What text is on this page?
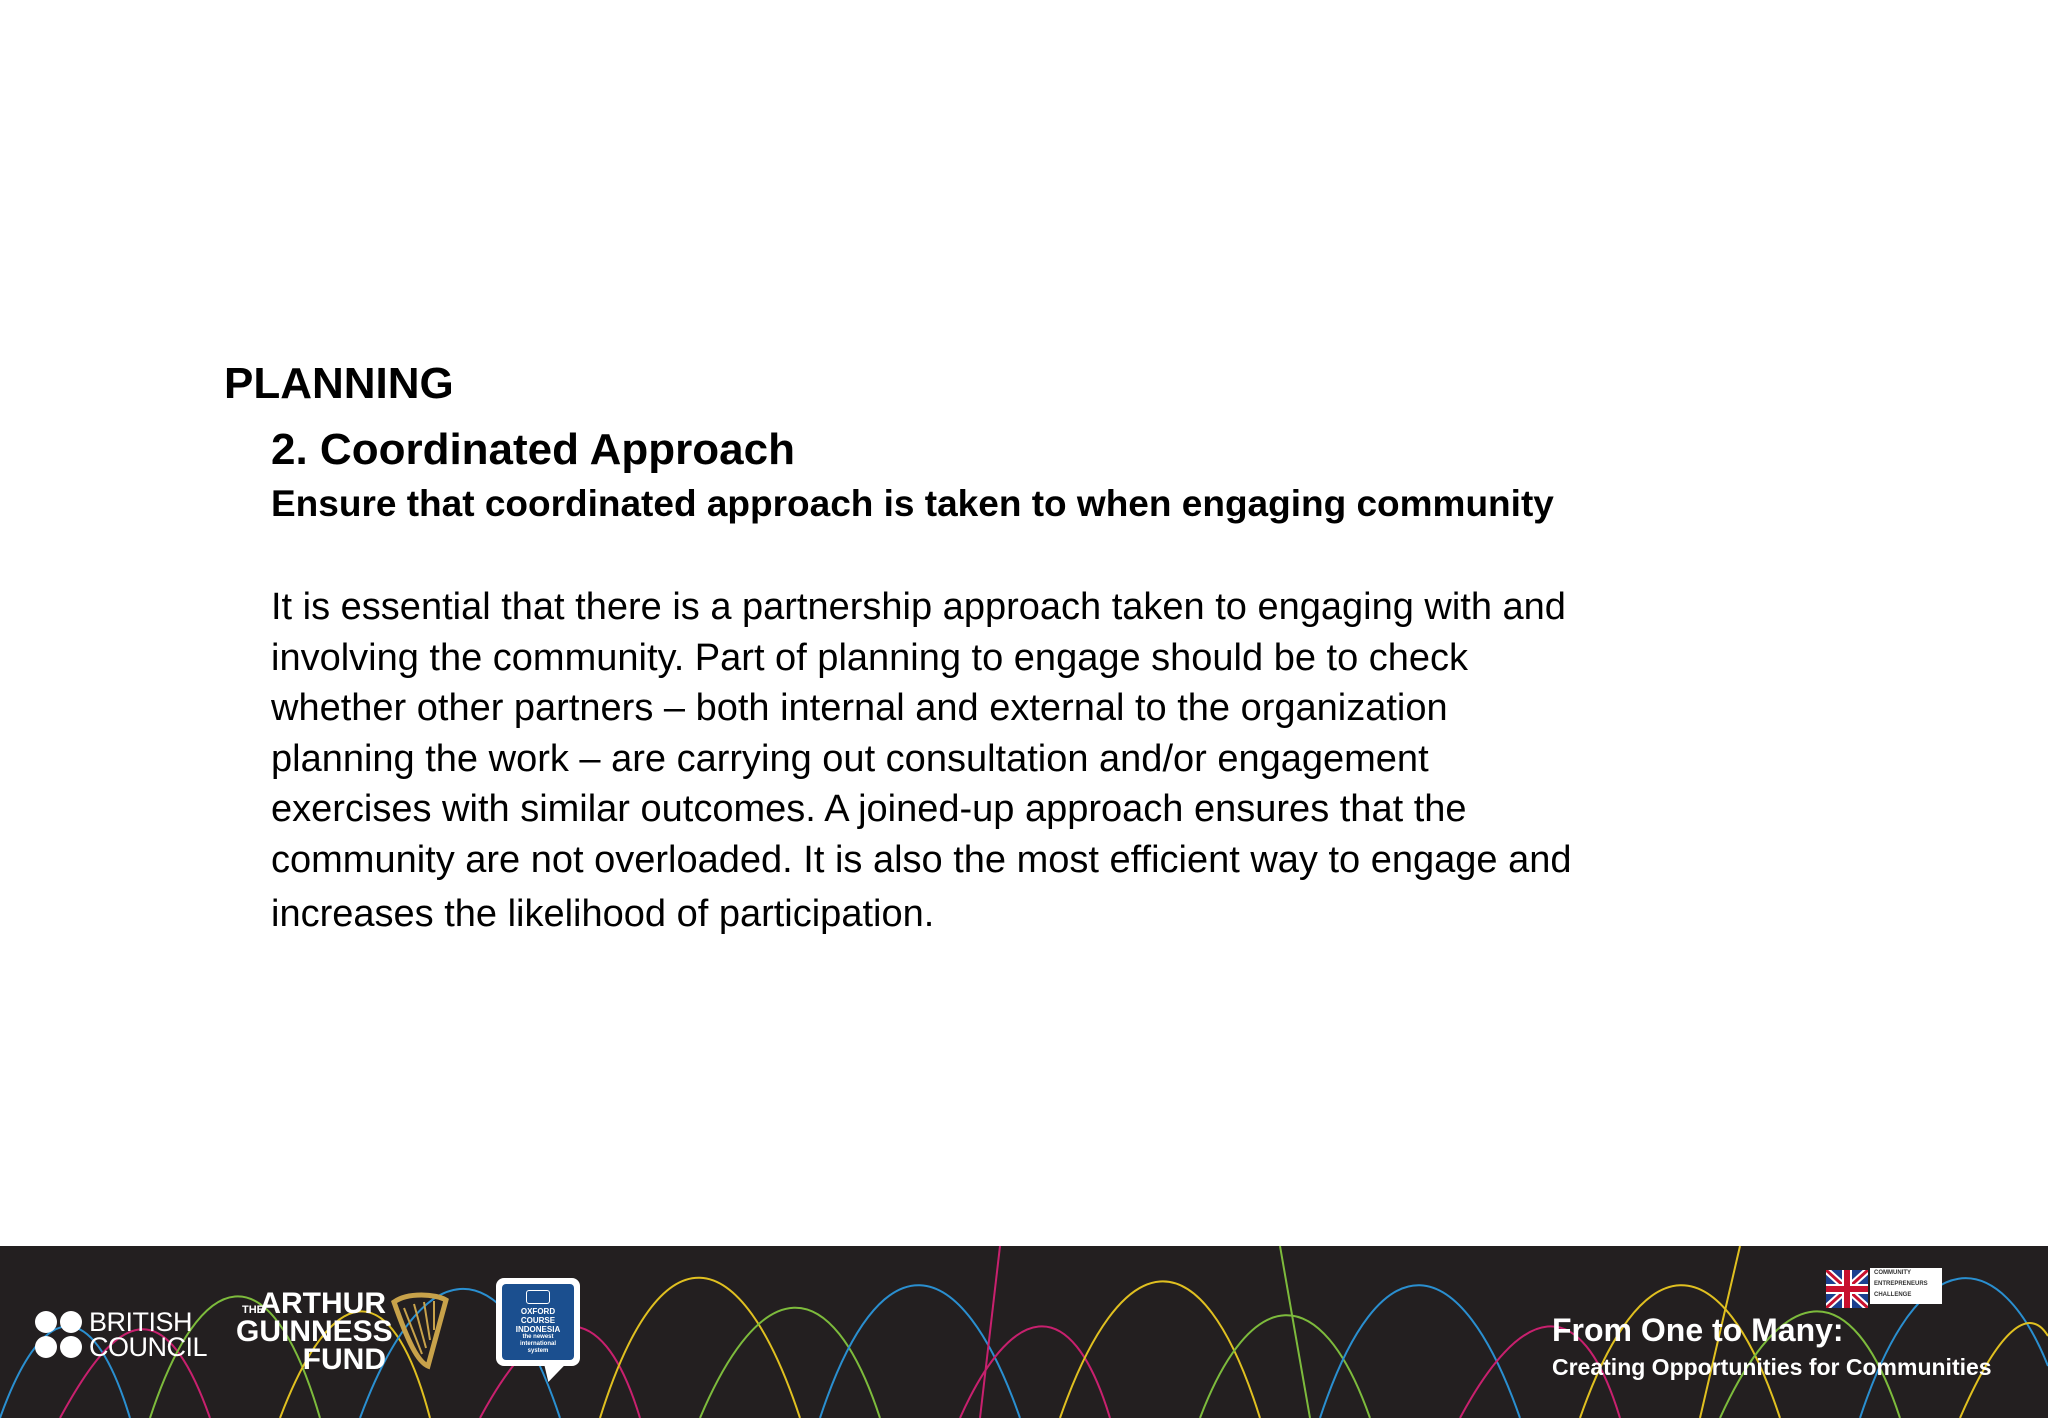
PLANNING
2. Coordinated Approach
Ensure that coordinated approach is taken to when engaging community

It is essential that there is a partnership approach taken to engaging with and
involving the community. Part of planning to engage should be to check
whether other partners – both internal and external to the organization
planning the work – are carrying out consultation and/or engagement
exercises with similar outcomes. A joined-up approach ensures that the
community are not overloaded. It is also the most efficient way to engage and
increases the likelihood of participation.

BRITISH
COUNCIL
THE
ARTHUR
GUINNESS
FUND
OXFORD
COURSE
INDONESIA
the newest
international
system
COMMUNITY
ENTREPRENEURS
CHALLENGE
From One to Many:
Creating Opportunities for Communities
